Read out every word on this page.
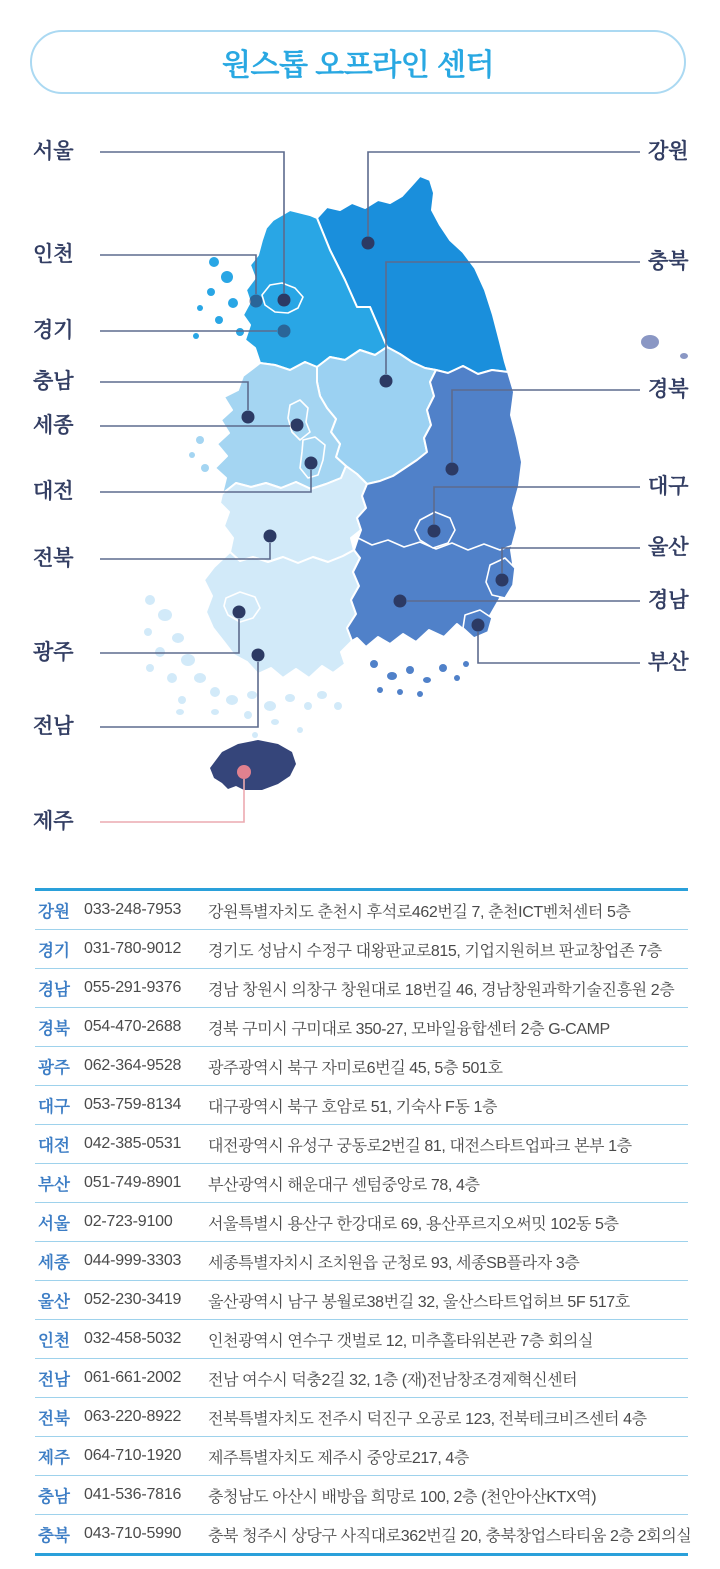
원스톱 오프라인 센터
서울
인천
경기
충남
세종
대전
전북
광주
전남
제주
강원
충북
경북
대구
울산
경남
부산
강원 033-248-7953	강원특별자치도 춘천시 후석로462번길 7, 춘천ICT벤처센터 5층
경기 031-780-9012	경기도 성남시 수정구 대왕판교로815, 기업지원허브 판교창업존 7층
경남 055-291-9376	경남 창원시 의창구 창원대로 18번길 46, 경남창원과학기술진흥원 2층
경북 054-470-2688	경북 구미시 구미대로 350-27, 모바일융합센터 2층 G-CAMP
광주 062-364-9528	광주광역시 북구 자미로6번길 45, 5층 501호
대구 053-759-8134	대구광역시 북구 호암로 51, 기숙사 F동 1층
대전 042-385-0531	대전광역시 유성구 궁동로2번길 81, 대전스타트업파크 본부 1층
부산 051-749-8901	부산광역시 해운대구 센텀중앙로 78, 4층
서울 02-723-9100	서울특별시 용산구 한강대로 69, 용산푸르지오써밋 102동 5층
세종 044-999-3303	세종특별자치시 조치원읍 군청로 93, 세종SB플라자 3층
울산 052-230-3419	울산광역시 남구 봉월로38번길 32, 울산스타트업허브 5F 517호
인천 032-458-5032	인천광역시 연수구 갯벌로 12, 미추홀타워본관 7층 회의실
전남 061-661-2002	전남 여수시 덕충2길 32, 1층 (재)전남창조경제혁신센터
전북 063-220-8922	전북특별자치도 전주시 덕진구 오공로 123, 전북테크비즈센터 4층
제주 064-710-1920	제주특별자치도 제주시 중앙로217, 4층
충남 041-536-7816	충청남도 아산시 배방읍 희망로 100, 2층 (천안아산KTX역)
충북 043-710-5990	충북 청주시 상당구 사직대로362번길 20, 충북창업스타티움 2층 2회의실
